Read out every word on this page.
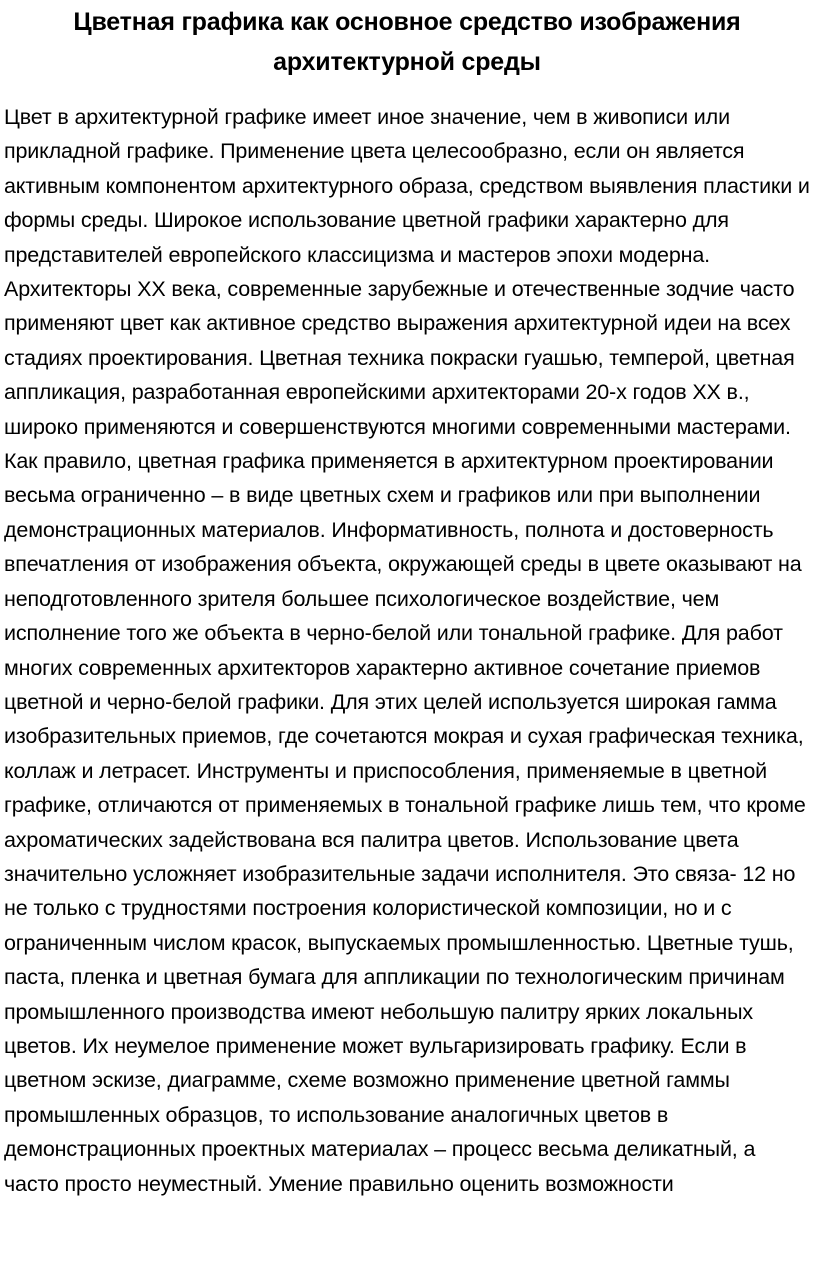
Цветная графика как основное средство изображения архитектурной среды

Цвет в архитектурной графике имеет иное значение, чем в живописи или прикладной графике. Применение цвета целесообразно, если он является активным компонентом архитектурного образа, средством выявления пластики и формы среды. Широкое использование цветной графики характерно для представителей европейского классицизма и мастеров эпохи модерна. Архитекторы XX века, современные зарубежные и отечественные зодчие часто применяют цвет как активное средство выражения архитектурной идеи на всех стадиях проектирования. Цветная техника покраски гуашью, темперой, цветная аппликация, разработанная европейскими архитекторами 20-х годов XX в., широко применяются и совершенствуются многими современными мастерами. Как правило, цветная графика применяется в архитектурном проектировании весьма ограниченно – в виде цветных схем и графиков или при выполнении демонстрационных материалов. Информативность, полнота и достоверность впечатления от изображения объекта, окружающей среды в цвете оказывают на неподготовленного зрителя большее психологическое воздействие, чем исполнение того же объекта в черно-белой или тональной графике. Для работ многих современных архитекторов характерно активное сочетание приемов цветной и черно-белой графики. Для этих целей используется широкая гамма изобразительных приемов, где сочетаются мокрая и сухая графическая техника, коллаж и летрасет. Инструменты и приспособления, применяемые в цветной графике, отличаются от применяемых в тональной графике лишь тем, что кроме ахроматических задействована вся палитра цветов. Использование цвета значительно усложняет изобразительные задачи исполнителя. Это связа- 12 но не только с трудностями построения колористической композиции, но и с ограниченным числом красок, выпускаемых промышленностью. Цветные тушь, паста, пленка и цветная бумага для аппликации по технологическим причинам промышленного производства имеют небольшую палитру ярких локальных цветов. Их неумелое применение может вульгаризировать графику. Если в цветном эскизе, диаграмме, схеме возможно применение цветной гаммы промышленных образцов, то использование аналогичных цветов в демонстрационных проектных материалах – процесс весьма деликатный, а часто просто неуместный. Умение правильно оценить возможности
